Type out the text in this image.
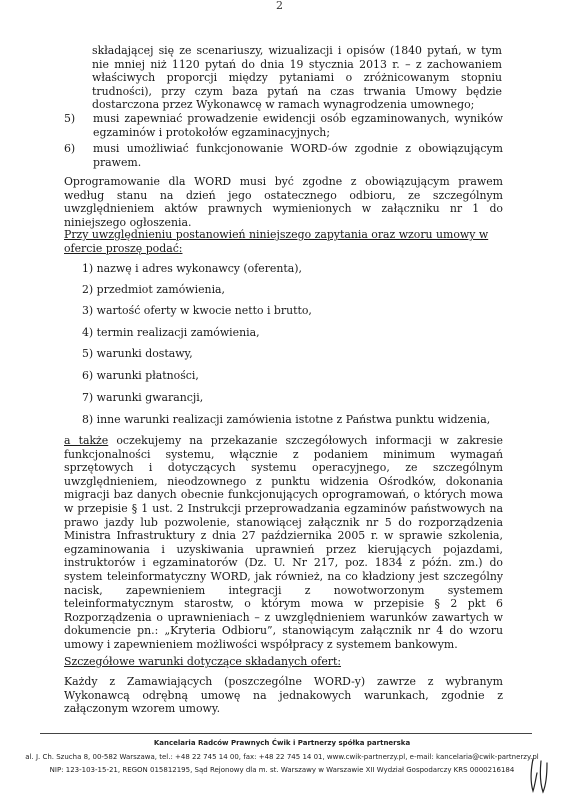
2

składającej się ze scenariuszy, wizualizacji i opisów (1840 pytań, w tym nie mniej niż 1120 pytań do dnia 19 stycznia 2013 r. – z zachowaniem właściwych proporcji między pytaniami o zróżnicowanym stopniu trudności), przy czym baza pytań na czas trwania Umowy będzie dostarczona przez Wykonawcę w ramach wynagrodzenia umownego;

5) musi zapewniać prowadzenie ewidencji osób egzaminowanych, wyników egzaminów i protokołów egzaminacyjnych;
6) musi umożliwiać funkcjonowanie WORD-ów zgodnie z obowiązującym prawem.

Oprogramowanie dla WORD musi być zgodne z obowiązującym prawem według stanu na dzień jego ostatecznego odbioru, ze szczególnym uwzględnieniem aktów prawnych wymienionych w załączniku nr 1 do niniejszego ogłoszenia.

Przy uwzględnieniu postanowień niniejszego zapytania oraz wzoru umowy w ofercie proszę podać:

1) nazwę i adres wykonawcy (oferenta),
2) przedmiot zamówienia,
3) wartość oferty w kwocie netto i brutto,
4) termin realizacji zamówienia,
5) warunki dostawy,
6) warunki płatności,
7) warunki gwarancji,
8) inne warunki realizacji zamówienia istotne z Państwa punktu widzenia,

a także oczekujemy na przekazanie szczegółowych informacji w zakresie funkcjonalności systemu, włącznie z podaniem minimum wymagań sprzętowych i dotyczących systemu operacyjnego, ze szczególnym uwzględnieniem, nieodzownego z punktu widzenia Ośrodków, dokonania migracji baz danych obecnie funkcjonujących oprogramowań, o których mowa w przepisie § 1 ust. 2 Instrukcji przeprowadzania egzaminów państwowych na prawo jazdy lub pozwolenie, stanowiącej załącznik nr 5 do rozporządzenia Ministra Infrastruktury z dnia 27 października 2005 r. w sprawie szkolenia, egzaminowania i uzyskiwania uprawnień przez kierujących pojazdami, instruktorów i egzaminatorów (Dz. U. Nr 217, poz. 1834 z późn. zm.) do system teleinformatyczny WORD, jak również, na co kładziony jest szczególny nacisk, zapewnieniem integracji z nowotworzonym systemem teleinformatycznym starostw, o którym mowa w przepisie § 2 pkt 6 Rozporządzenia o uprawnieniach – z uwzględnieniem warunków zawartych w dokumencie pn.: „Kryteria Odbioru”, stanowiącym załącznik nr 4 do wzoru umowy i zapewnieniem możliwości współpracy z systemem bankowym.

Szczegółowe warunki dotyczące składanych ofert:

Każdy z Zamawiających (poszczególne WORD-y) zawrze z wybranym Wykonawcą odrębną umowę na jednakowych warunkach, zgodnie z załączonym wzorem umowy.

Kancelaria Radców Prawnych Ćwik i Partnerzy spółka partnerska

al. J. Ch. Szucha 8, 00-582 Warszawa, tel.: +48 22 745 14 00, fax: +48 22 745 14 01, www.cwik-partnerzy.pl, e-mail: kancelaria@cwik-partnerzy.pl

NIP: 123-103-15-21, REGON 015812195, Sąd Rejonowy dla m. st. Warszawy w Warszawie XII Wydział Gospodarczy KRS 0000216184
